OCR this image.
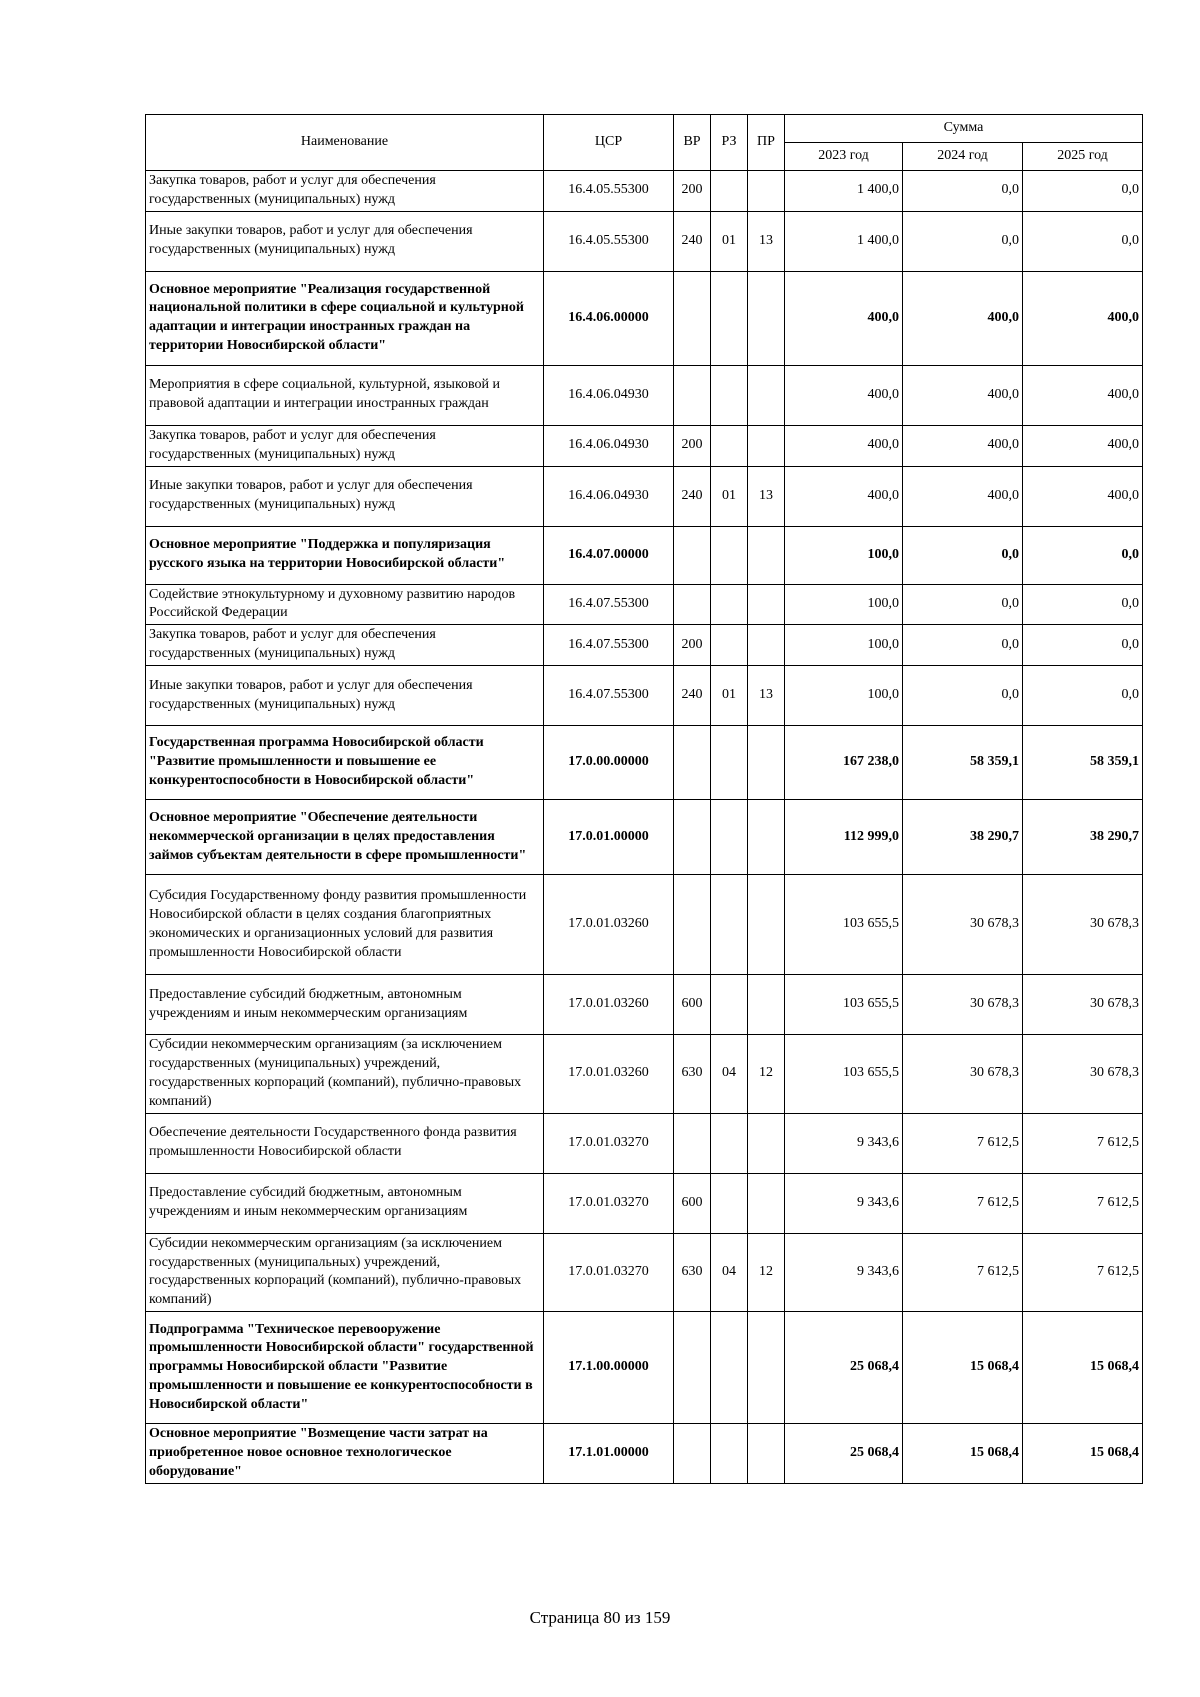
Наименование	ЦСР	ВР	РЗ	ПР	Сумма		
					2023 год	2024 год	2025 год
Закупка товаров, работ и услуг для обеспечения государственных (муниципальных) нужд	16.4.05.55300	200			1 400,0	0,0	0,0
Иные закупки товаров, работ и услуг для обеспечения государственных (муниципальных) нужд	16.4.05.55300	240	01	13	1 400,0	0,0	0,0
Основное мероприятие "Реализация государственной национальной политики в сфере социальной и культурной адаптации и интеграции иностранных граждан на территории Новосибирской области"	16.4.06.00000				400,0	400,0	400,0
Мероприятия в сфере социальной, культурной, языковой и правовой адаптации и интеграции иностранных граждан	16.4.06.04930				400,0	400,0	400,0
Закупка товаров, работ и услуг для обеспечения государственных (муниципальных) нужд	16.4.06.04930	200			400,0	400,0	400,0
Иные закупки товаров, работ и услуг для обеспечения государственных (муниципальных) нужд	16.4.06.04930	240	01	13	400,0	400,0	400,0
Основное мероприятие "Поддержка и популяризация русского языка на территории Новосибирской области"	16.4.07.00000				100,0	0,0	0,0
Содействие этнокультурному и духовному развитию народов Российской Федерации	16.4.07.55300				100,0	0,0	0,0
Закупка товаров, работ и услуг для обеспечения государственных (муниципальных) нужд	16.4.07.55300	200			100,0	0,0	0,0
Иные закупки товаров, работ и услуг для обеспечения государственных (муниципальных) нужд	16.4.07.55300	240	01	13	100,0	0,0	0,0
Государственная программа Новосибирской области "Развитие промышленности и повышение ее конкурентоспособности в Новосибирской области"	17.0.00.00000				167 238,0	58 359,1	58 359,1
Основное мероприятие "Обеспечение деятельности некоммерческой организации в целях предоставления займов субъектам деятельности в сфере промышленности"	17.0.01.00000				112 999,0	38 290,7	38 290,7
Субсидия Государственному фонду развития промышленности Новосибирской области в целях создания благоприятных экономических и организационных условий для развития промышленности Новосибирской области	17.0.01.03260				103 655,5	30 678,3	30 678,3
Предоставление субсидий бюджетным, автономным учреждениям и иным некоммерческим организациям	17.0.01.03260	600			103 655,5	30 678,3	30 678,3
Субсидии некоммерческим организациям (за исключением государственных (муниципальных) учреждений, государственных корпораций (компаний), публично-правовых компаний)	17.0.01.03260	630	04	12	103 655,5	30 678,3	30 678,3
Обеспечение деятельности Государственного фонда развития промышленности Новосибирской области	17.0.01.03270				9 343,6	7 612,5	7 612,5
Предоставление субсидий бюджетным, автономным учреждениям и иным некоммерческим организациям	17.0.01.03270	600			9 343,6	7 612,5	7 612,5
Субсидии некоммерческим организациям (за исключением государственных (муниципальных) учреждений, государственных корпораций (компаний), публично-правовых компаний)	17.0.01.03270	630	04	12	9 343,6	7 612,5	7 612,5
Подпрограмма "Техническое перевооружение промышленности Новосибирской области" государственной программы Новосибирской области "Развитие промышленности и повышение ее конкурентоспособности в Новосибирской области"	17.1.00.00000				25 068,4	15 068,4	15 068,4
Основное мероприятие "Возмещение части затрат на приобретенное новое основное технологическое оборудование"	17.1.01.00000				25 068,4	15 068,4	15 068,4
Страница 80 из 159
